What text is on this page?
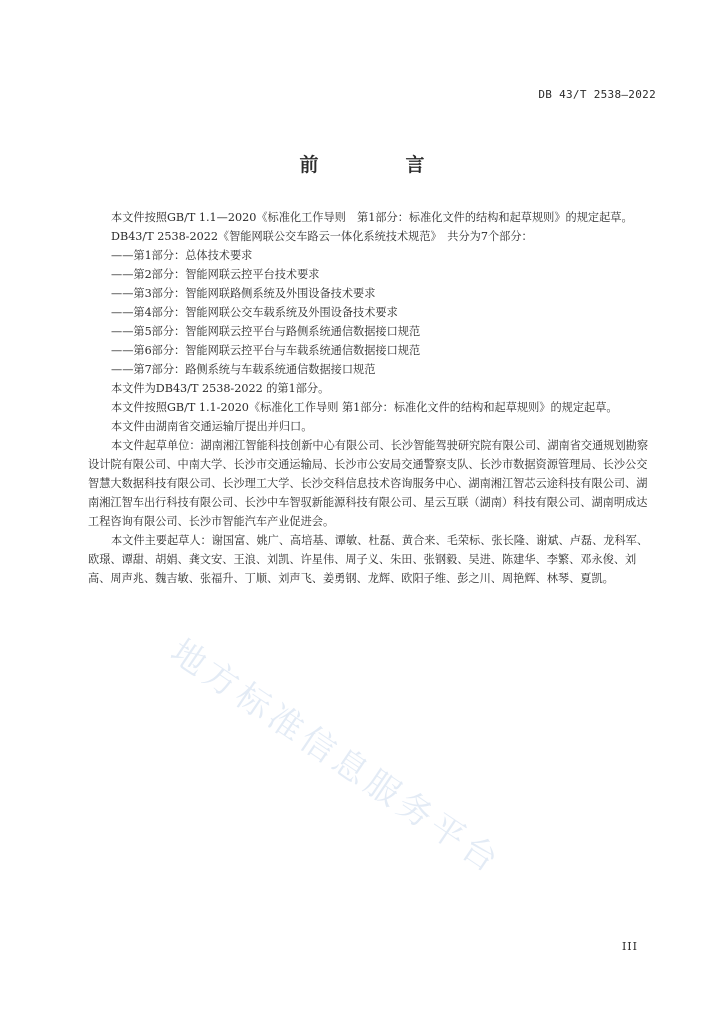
DB 43/T 2538—2022
前　言

本文件按照GB/T 1.1—2020《标准化工作导则　第1部分：标准化文件的结构和起草规则》的规定起草。

DB43/T 2538-2022《智能网联公交车路云一体化系统技术规范》　共分为7个部分：

——第1部分：总体技术要求

——第2部分：智能网联云控平台技术要求

——第3部分：智能网联路侧系统及外围设备技术要求

——第4部分：智能网联公交车载系统及外围设备技术要求

——第5部分：智能网联云控平台与路侧系统通信数据接口规范

——第6部分：智能网联云控平台与车载系统通信数据接口规范

——第7部分：路侧系统与车载系统通信数据接口规范

本文件为DB43/T 2538-2022 的第1部分。

本文件按照GB/T 1.1-2020《标准化工作导则 第1部分：标准化文件的结构和起草规则》的规定起草。

本文件由湖南省交通运输厅提出并归口。

本文件起草单位：湖南湘江智能科技创新中心有限公司、长沙智能驾驶研究院有限公司、湖南省交通规划勘察设计院有限公司、中南大学、长沙市交通运输局、长沙市公安局交通警察支队、长沙市数据资源管理局、长沙公交智慧大数据科技有限公司、长沙理工大学、长沙交科信息技术咨询服务中心、湖南湘江智芯云途科技有限公司、湖南湘江智车出行科技有限公司、长沙中车智驭新能源科技有限公司、星云互联（湖南）科技有限公司、湖南明成达工程咨询有限公司、长沙市智能汽车产业促进会。

本文件主要起草人：谢国富、姚广、高培基、谭敏、杜磊、黄合来、毛荣标、张长隆、谢斌、卢磊、龙科军、欧璟、谭甜、胡娟、龚文安、王浪、刘凯、许星伟、周子义、朱田、张钢毅、吴进、陈建华、李繁、邓永俊、刘高、周声兆、魏吉敏、张福升、丁顺、刘声飞、姜勇钢、龙辉、欧阳子维、彭之川、周艳辉、林琴、夏凯。

地方标准信息服务平台
III
